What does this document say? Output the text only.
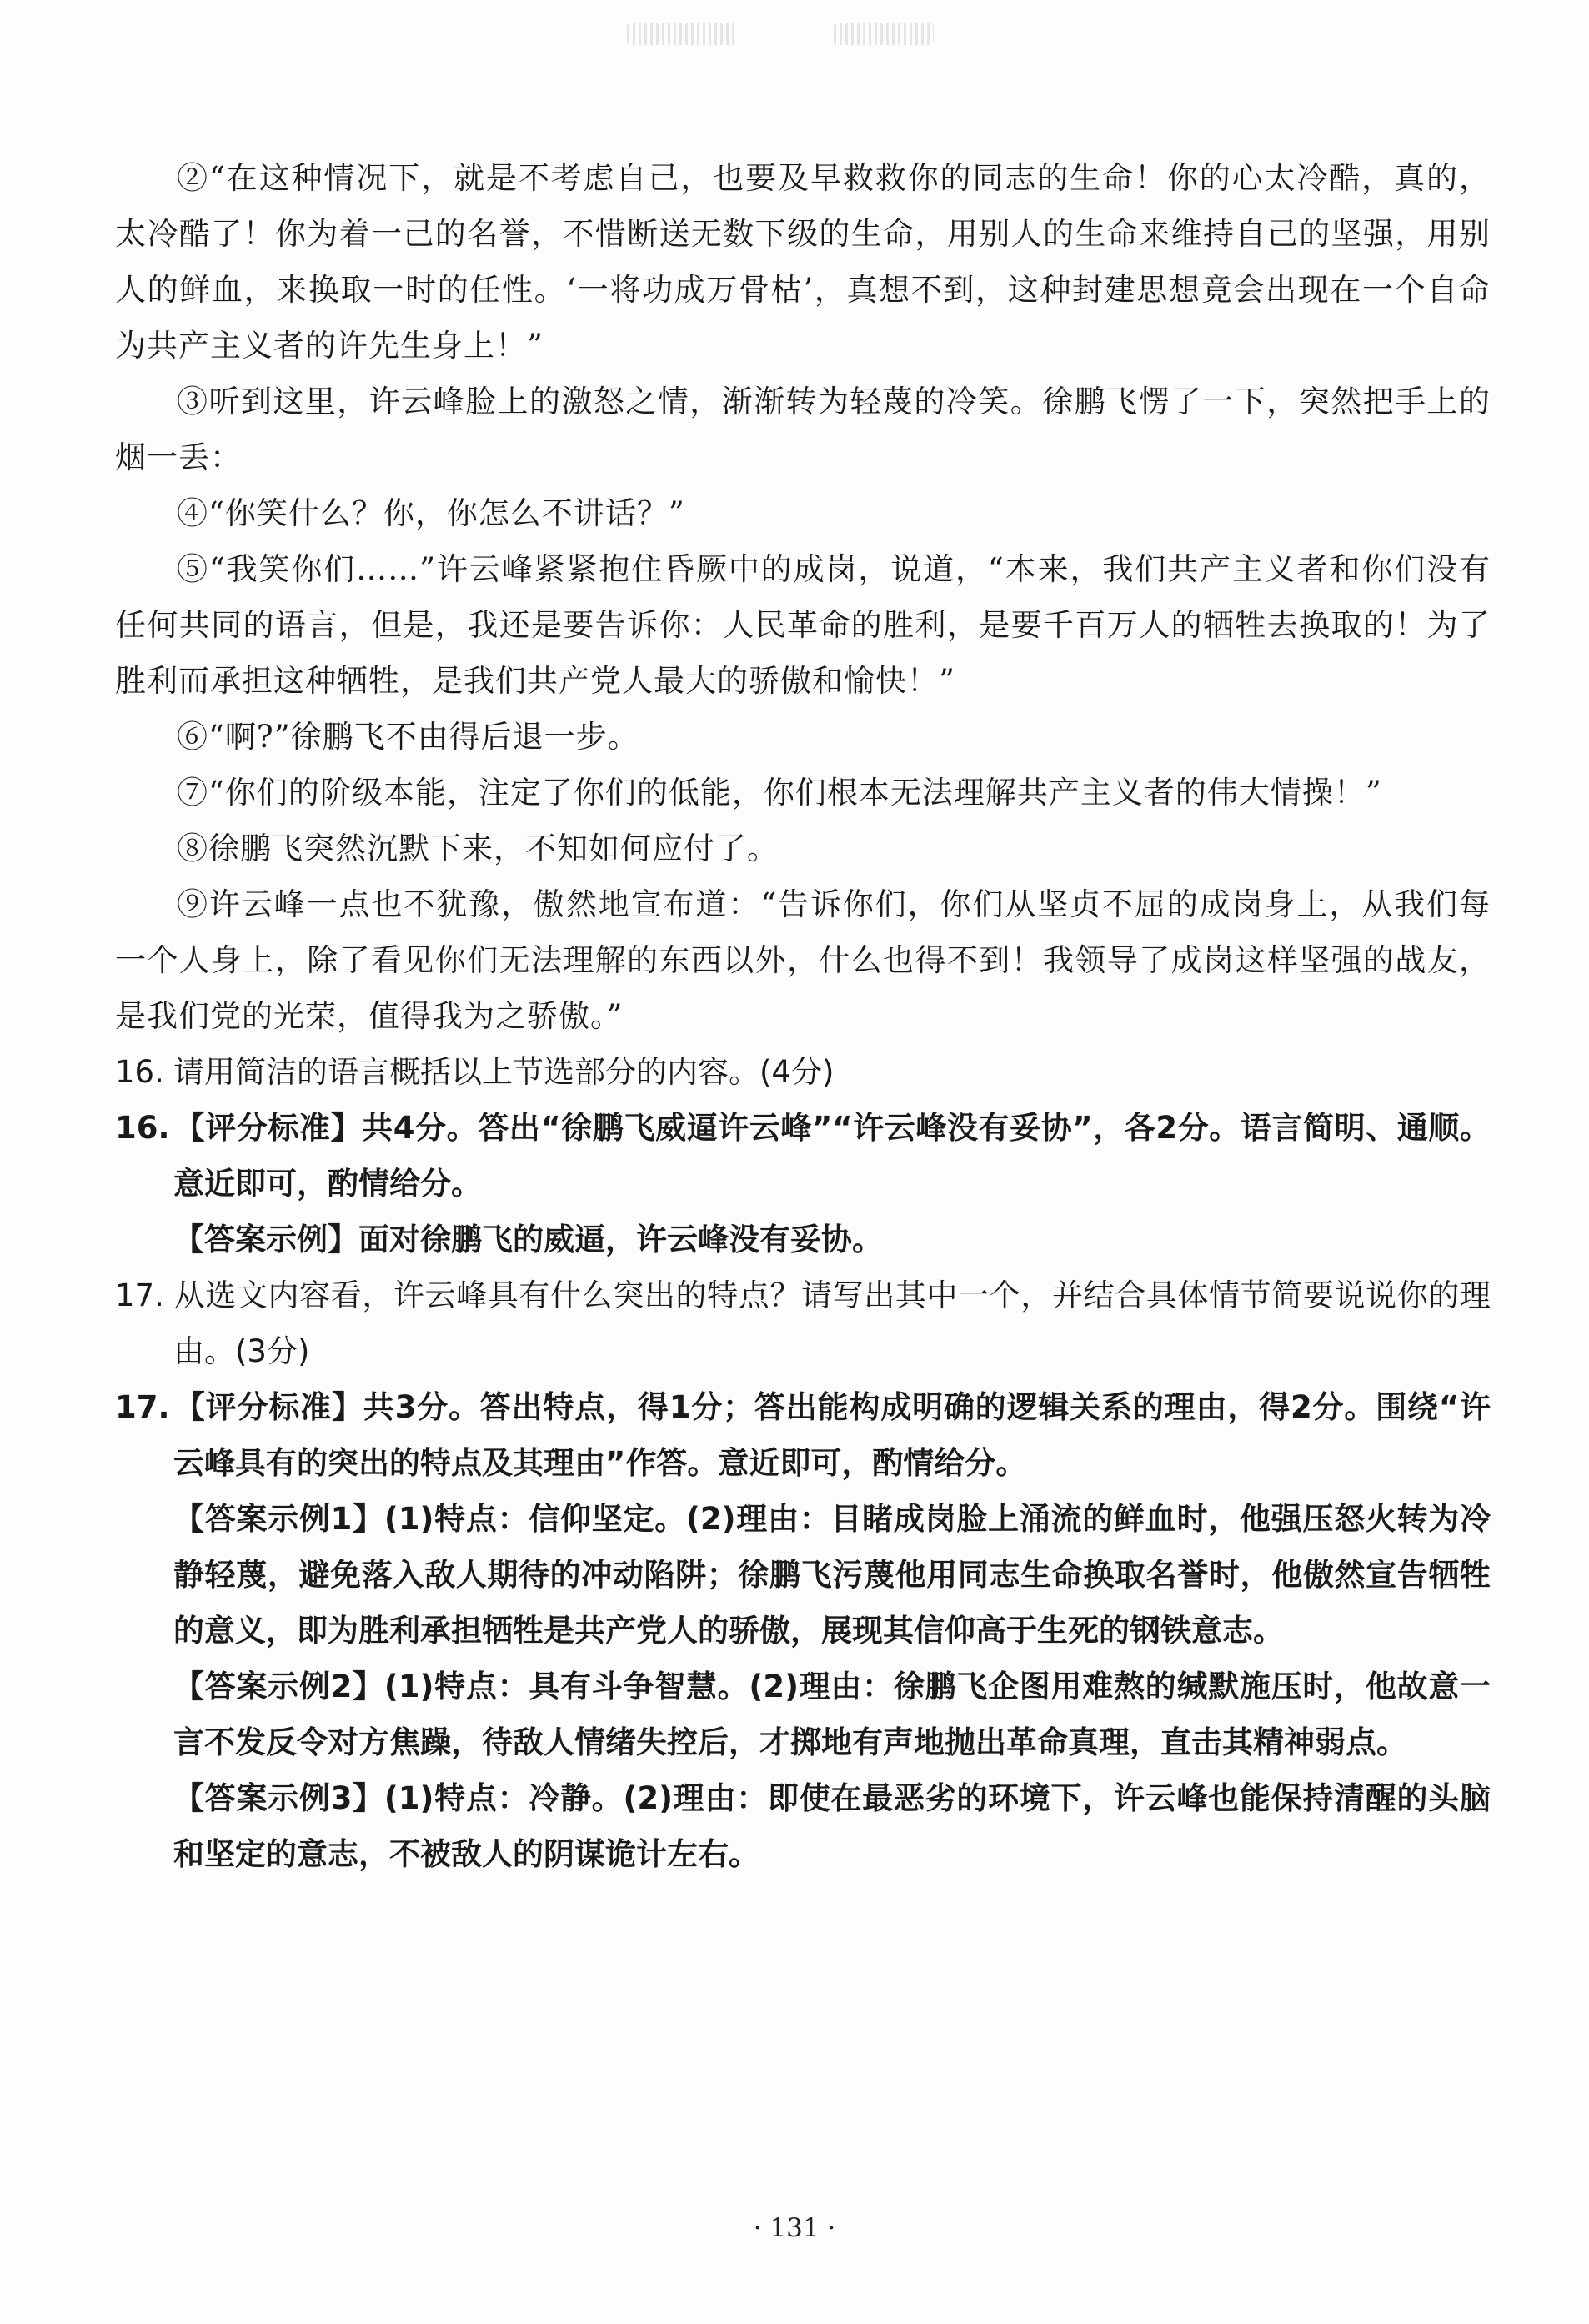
②“在这种情况下，就是不考虑自己，也要及早救救你的同志的生命！你的心太冷酷，真的，太冷酷了！你为着一己的名誉，不惜断送无数下级的生命，用别人的生命来维持自己的坚强，用别人的鲜血，来换取一时的任性。‘一将功成万骨枯’，真想不到，这种封建思想竟会出现在一个自命为共产主义者的许先生身上！”

③听到这里，许云峰脸上的激怒之情，渐渐转为轻蔑的冷笑。徐鹏飞愣了一下，突然把手上的烟一丢：

④“你笑什么？你，你怎么不讲话？”

⑤“我笑你们……”许云峰紧紧抱住昏厥中的成岗，说道，“本来，我们共产主义者和你们没有任何共同的语言，但是，我还是要告诉你：人民革命的胜利，是要千百万人的牺牲去换取的！为了胜利而承担这种牺牲，是我们共产党人最大的骄傲和愉快！”

⑥“啊?”徐鹏飞不由得后退一步。

⑦“你们的阶级本能，注定了你们的低能，你们根本无法理解共产主义者的伟大情操！”

⑧徐鹏飞突然沉默下来，不知如何应付了。

⑨许云峰一点也不犹豫，傲然地宣布道：“告诉你们，你们从坚贞不屈的成岗身上，从我们每一个人身上，除了看见你们无法理解的东西以外，什么也得不到！我领导了成岗这样坚强的战友，是我们党的光荣，值得我为之骄傲。”

16. 请用简洁的语言概括以上节选部分的内容。(4分)

16. 【评分标准】共4分。答出“徐鹏飞威逼许云峰”“许云峰没有妥协”，各2分。语言简明、通顺。意近即可，酌情给分。

【答案示例】面对徐鹏飞的威逼，许云峰没有妥协。

17. 从选文内容看，许云峰具有什么突出的特点？请写出其中一个，并结合具体情节简要说说你的理由。(3分)

17. 【评分标准】共3分。答出特点，得1分；答出能构成明确的逻辑关系的理由，得2分。围绕“许云峰具有的突出的特点及其理由”作答。意近即可，酌情给分。

【答案示例1】(1)特点：信仰坚定。(2)理由：目睹成岗脸上涌流的鲜血时，他强压怒火转为冷静轻蔑，避免落入敌人期待的冲动陷阱；徐鹏飞污蔑他用同志生命换取名誉时，他傲然宣告牺牲的意义，即为胜利承担牺牲是共产党人的骄傲，展现其信仰高于生死的钢铁意志。

【答案示例2】(1)特点：具有斗争智慧。(2)理由：徐鹏飞企图用难熬的缄默施压时，他故意一言不发反令对方焦躁，待敌人情绪失控后，才掷地有声地抛出革命真理，直击其精神弱点。

【答案示例3】(1)特点：冷静。(2)理由：即使在最恶劣的环境下，许云峰也能保持清醒的头脑和坚定的意志，不被敌人的阴谋诡计左右。

· 131 ·
